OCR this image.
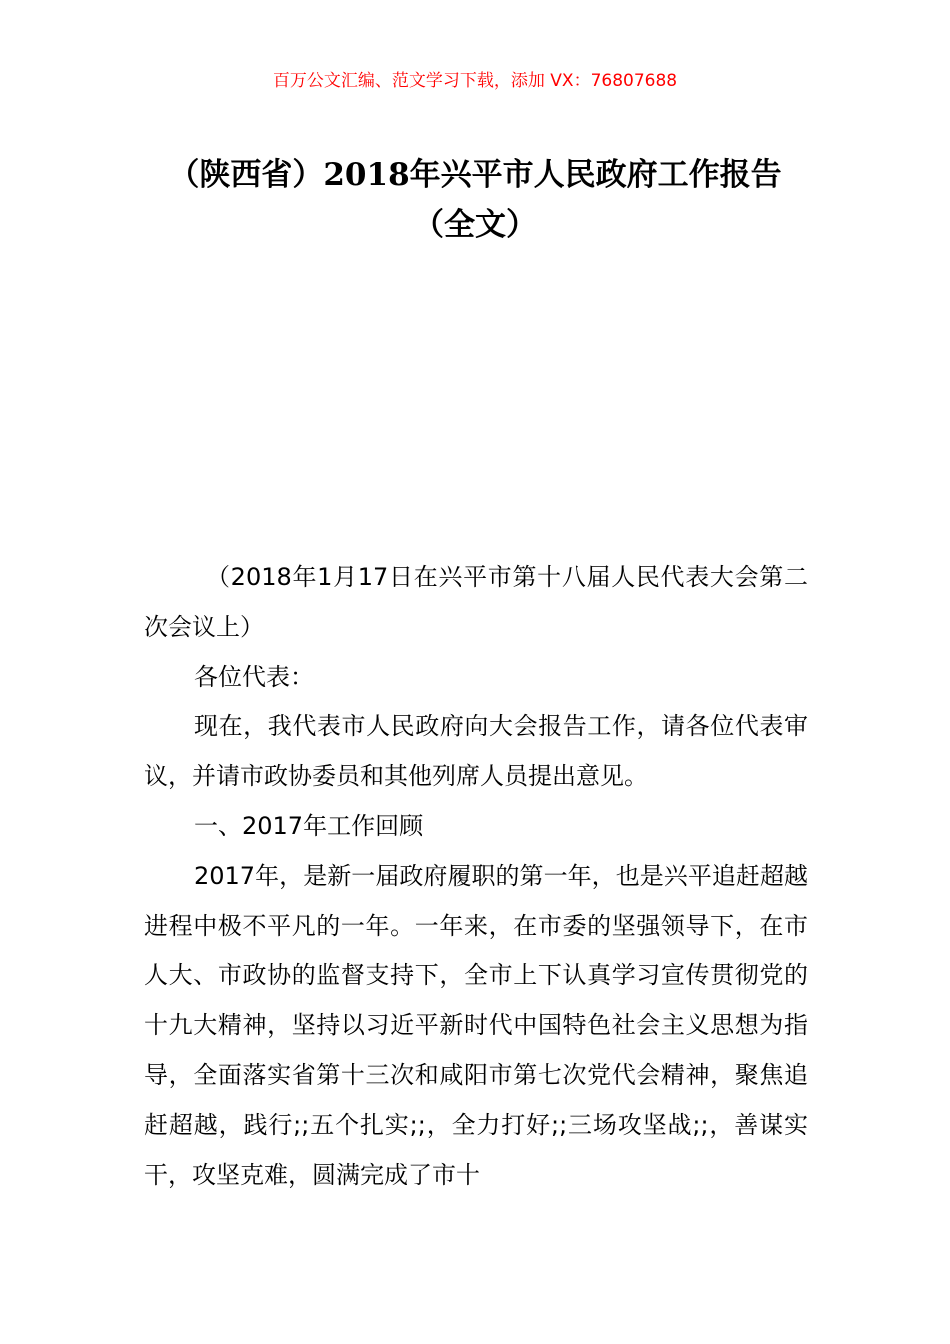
百万公文汇编、范文学习下载，添加 VX：76807688
（陕西省）2018年兴平市人民政府工作报告（全文）

（2018年1月17日在兴平市第十八届人民代表大会第二次会议上）

各位代表：

现在，我代表市人民政府向大会报告工作，请各位代表审议，并请市政协委员和其他列席人员提出意见。

一、2017年工作回顾

2017年，是新一届政府履职的第一年，也是兴平追赶超越进程中极不平凡的一年。一年来，在市委的坚强领导下，在市人大、市政协的监督支持下，全市上下认真学习宣传贯彻党的十九大精神，坚持以习近平新时代中国特色社会主义思想为指导，全面落实省第十三次和咸阳市第七次党代会精神，聚焦追赶超越，践行;;五个扎实;;，全力打好;;三场攻坚战;;，善谋实干，攻坚克难，圆满完成了市十
